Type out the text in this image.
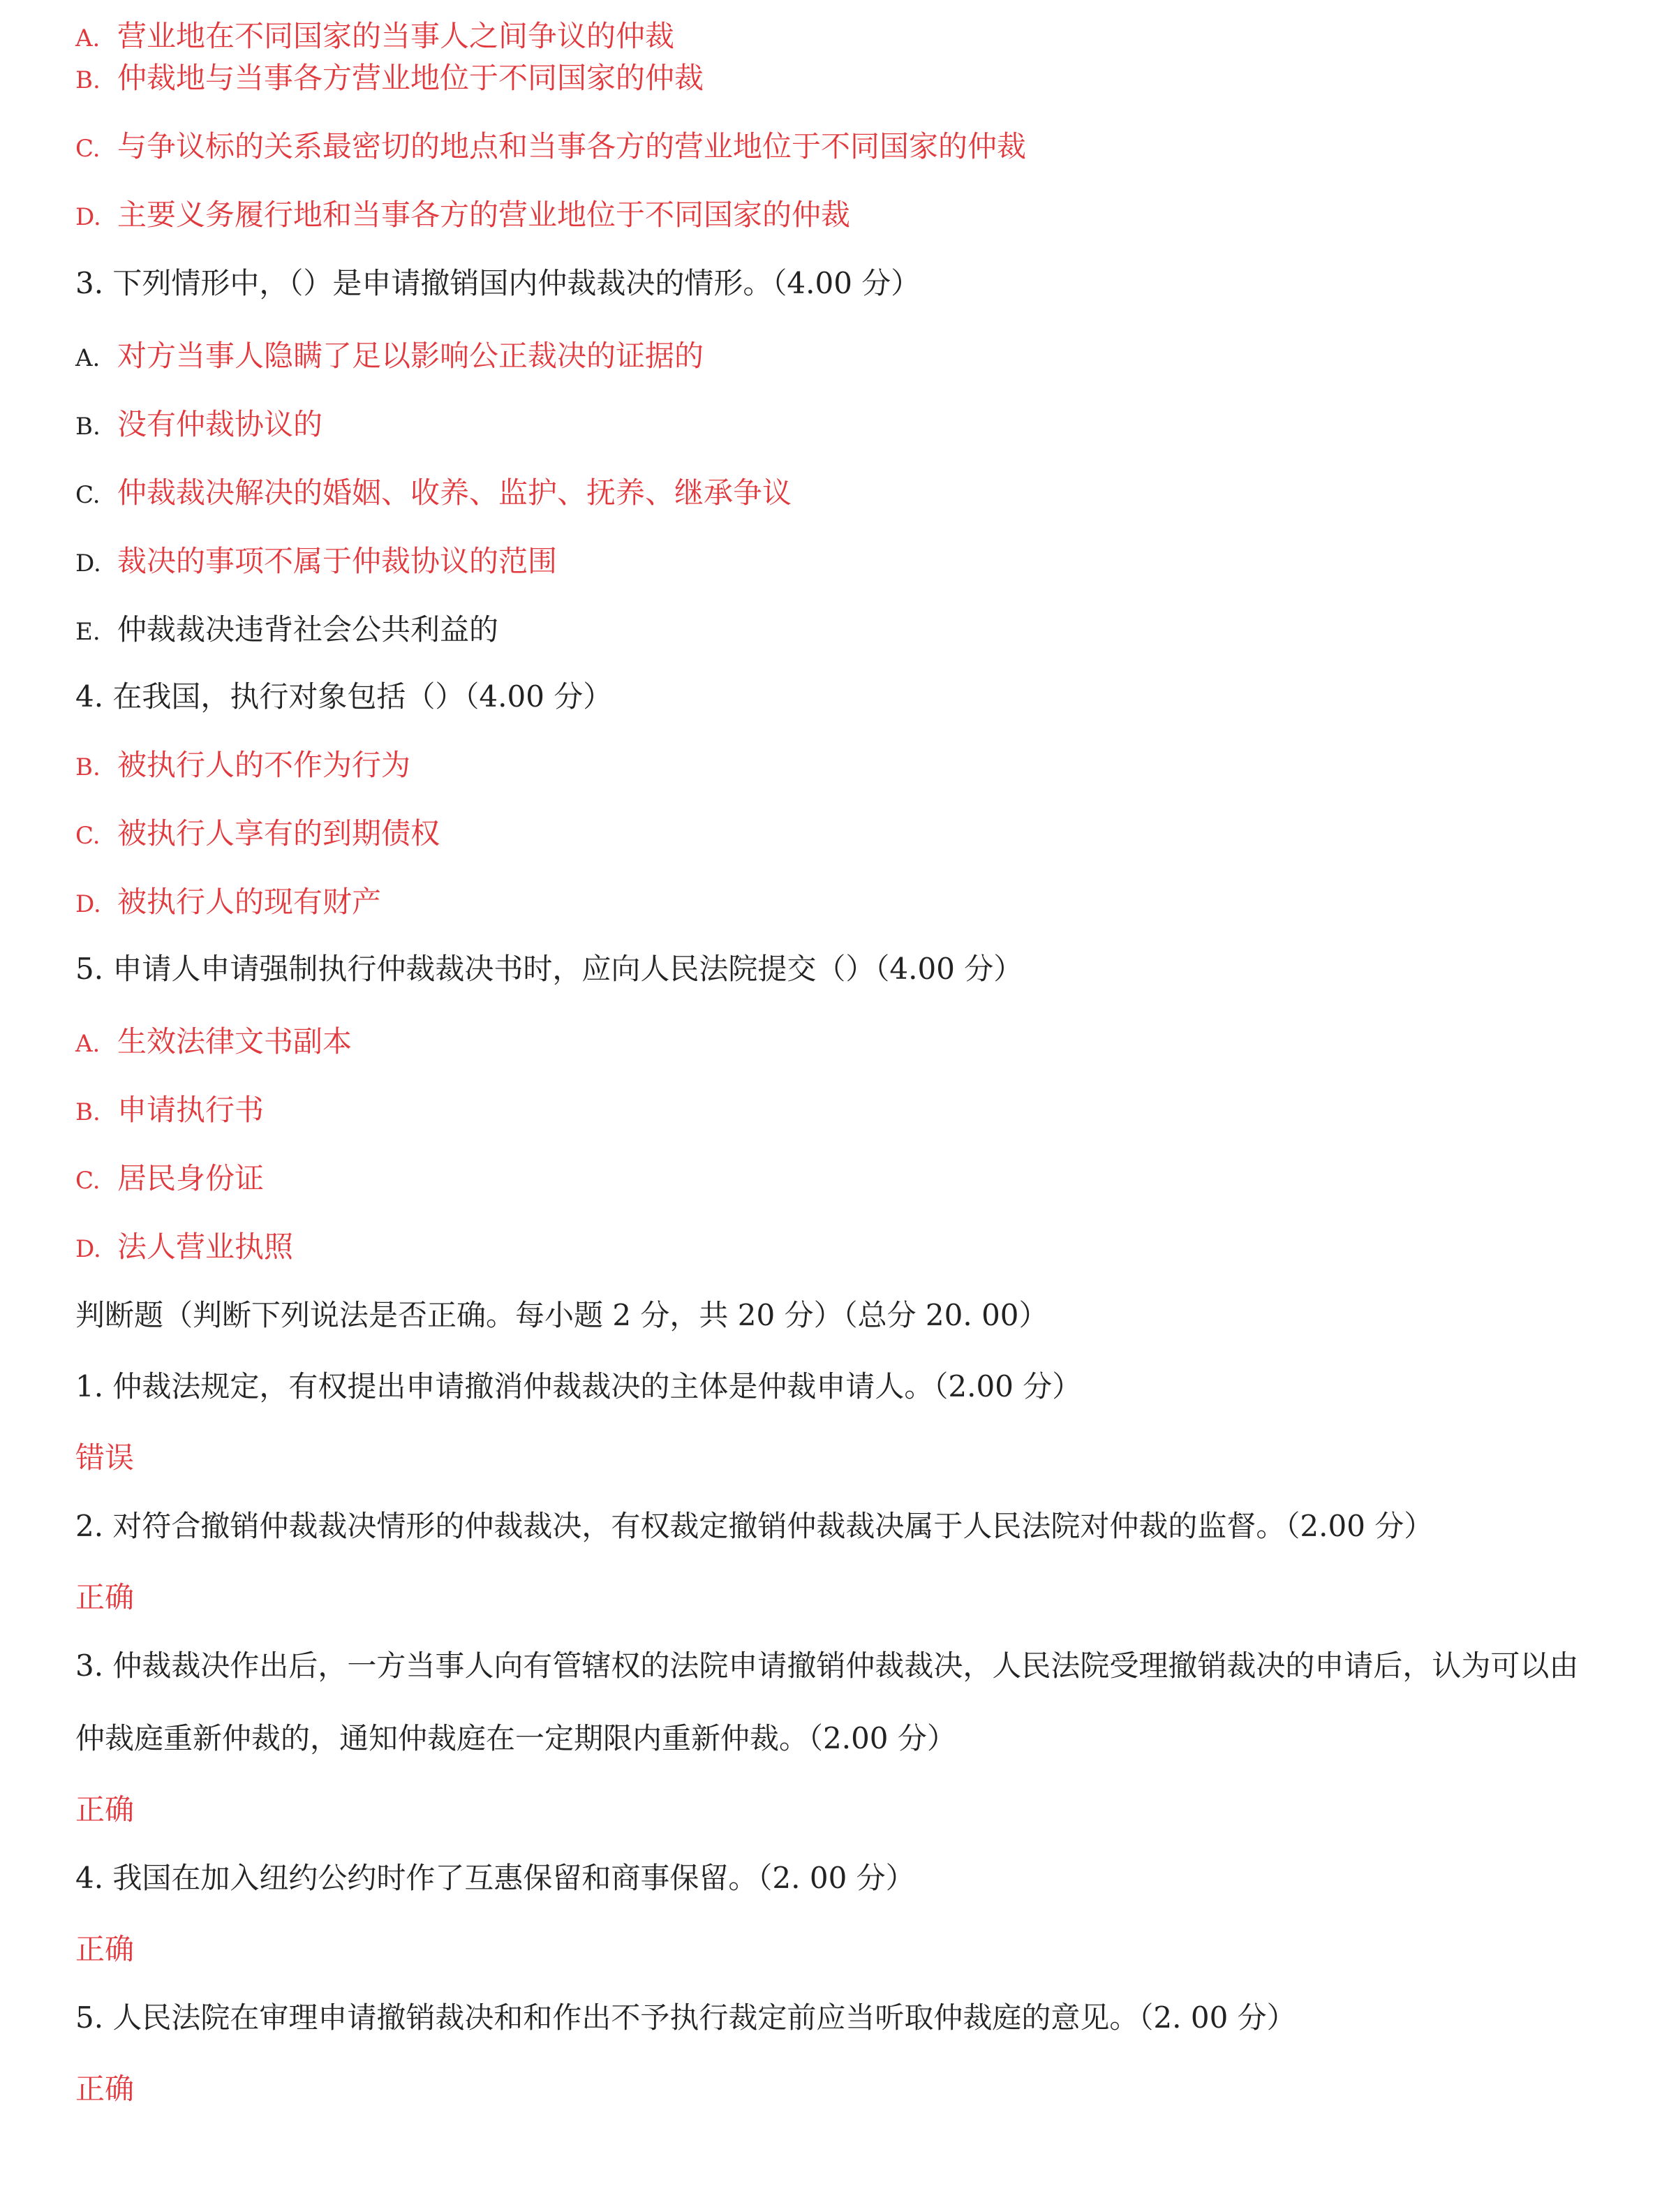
A. 营业地在不同国家的当事人之间争议的仲裁
B. 仲裁地与当事各方营业地位于不同国家的仲裁
C. 与争议标的关系最密切的地点和当事各方的营业地位于不同国家的仲裁
D. 主要义务履行地和当事各方的营业地位于不同国家的仲裁
3. 下列情形中，（）是申请撤销国内仲裁裁决的情形。（4.00 分）
A. 对方当事人隐瞒了足以影响公正裁决的证据的
B. 没有仲裁协议的
C. 仲裁裁决解决的婚姻、收养、监护、抚养、继承争议
D. 裁决的事项不属于仲裁协议的范围
E. 仲裁裁决违背社会公共利益的
4. 在我国，执行对象包括（）（4.00 分）
B. 被执行人的不作为行为
C. 被执行人享有的到期债权
D. 被执行人的现有财产
5. 申请人申请强制执行仲裁裁决书时，应向人民法院提交（）（4.00 分）
A. 生效法律文书副本
B. 申请执行书
C. 居民身份证
D. 法人营业执照
判断题（判断下列说法是否正确。每小题 2 分，共 20 分）（总分 20. 00）
1. 仲裁法规定，有权提出申请撤消仲裁裁决的主体是仲裁申请人。（2.00 分）
错误
2. 对符合撤销仲裁裁决情形的仲裁裁决，有权裁定撤销仲裁裁决属于人民法院对仲裁的监督。（2.00 分）
正确
3. 仲裁裁决作出后，一方当事人向有管辖权的法院申请撤销仲裁裁决，人民法院受理撤销裁决的申请后，认为可以由
仲裁庭重新仲裁的，通知仲裁庭在一定期限内重新仲裁。（2.00 分）
正确
4. 我国在加入纽约公约时作了互惠保留和商事保留。（2. 00 分）
正确
5. 人民法院在审理申请撤销裁决和和作出不予执行裁定前应当听取仲裁庭的意见。（2. 00 分）
正确
